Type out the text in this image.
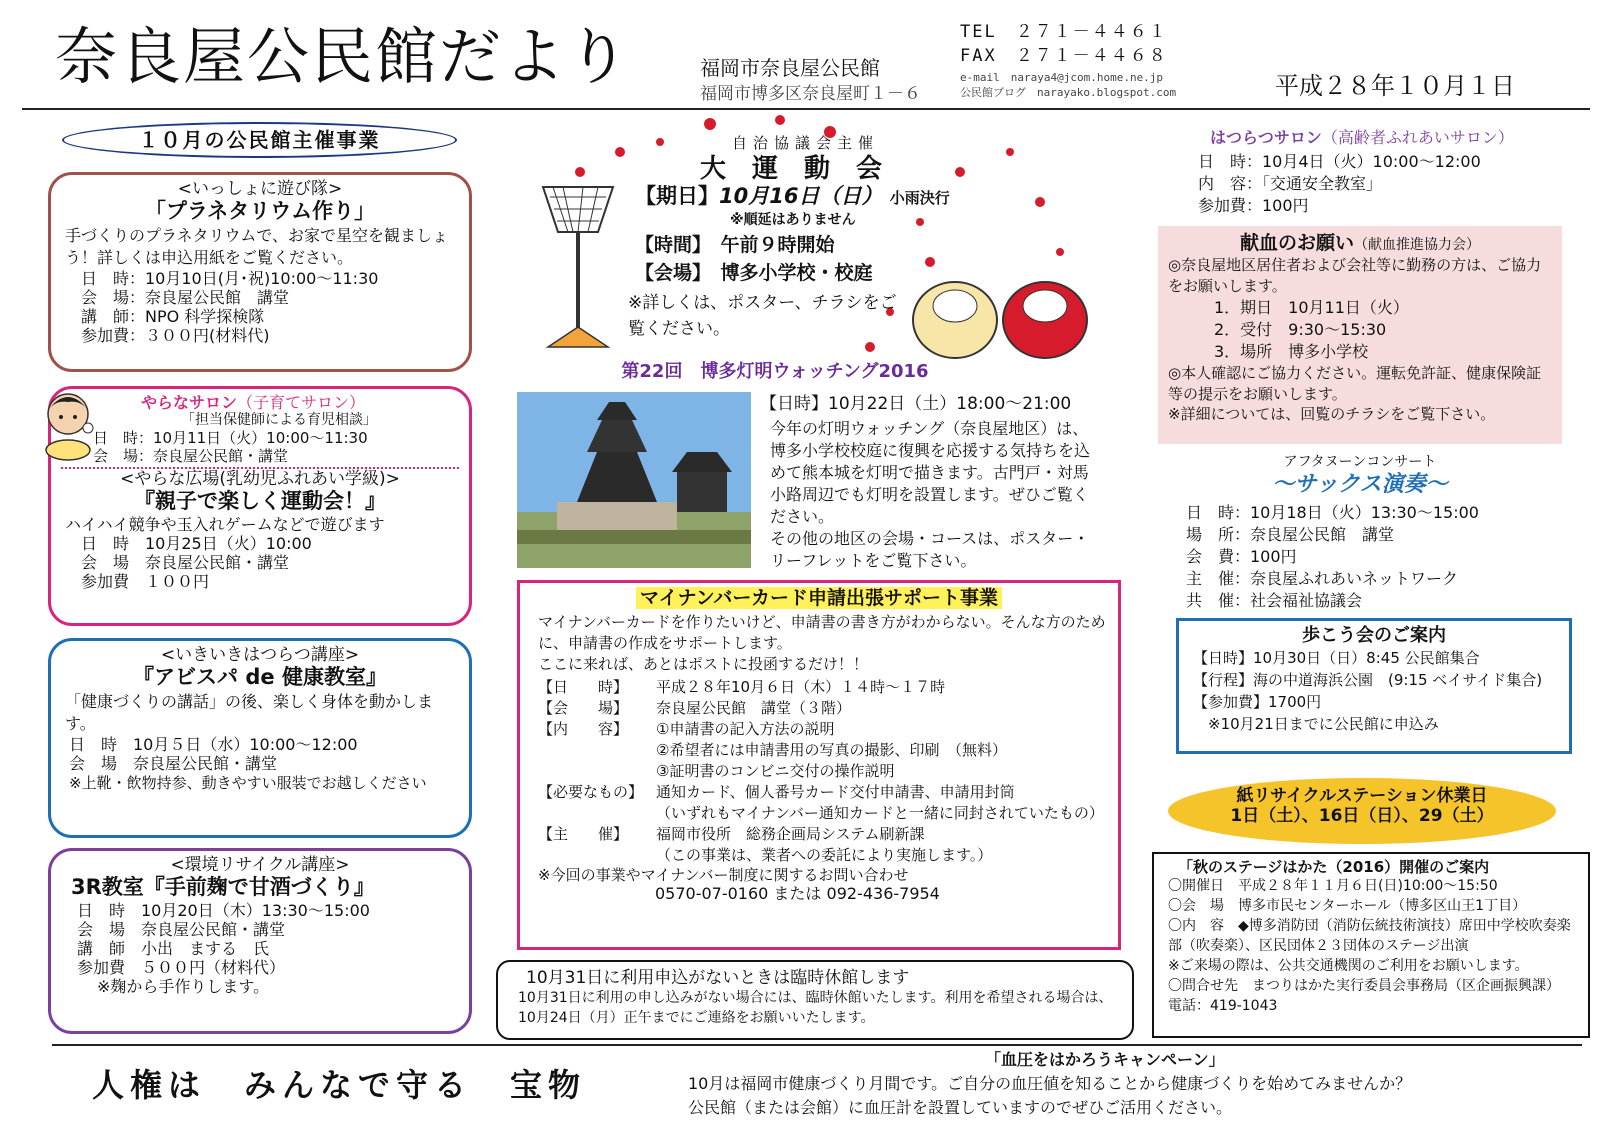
奈良屋公民館だより	福岡市奈良屋公民館
福岡市博多区奈良屋町１－６
TEL　２７１－４４６１
FAX　２７１－４４６８
e-mail　naraya4@jcom.home.ne.jp
公民館ブログ　narayako.blogspot.com	平成２８年１０月１日
１０月の公民館主催事業
<いっしょに遊び隊>
「プラネタリウム作り」
手づくりのプラネタリウムで、お家で星空を観ましょう！詳しくは申込用紙をご覧ください。
日　時：10月10日(月･祝)10:00～11:30
会　場：奈良屋公民館　講堂
講　師：NPO 科学探検隊
参加費：３００円(材料代)
やらなサロン（子育てサロン）
「担当保健師による育児相談」
日　時：10月11日（火）10:00～11:30
会　場：奈良屋公民館・講堂
<やらな広場(乳幼児ふれあい学級)>
『親子で楽しく運動会！』
ハイハイ競争や玉入れゲームなどで遊びます
日　時　10月25日（火）10:00
会　場　奈良屋公民館・講堂
参加費　１００円
<いきいきはつらつ講座>
『アビスパ de 健康教室』
「健康づくりの講話」の後、楽しく身体を動かします。
日　時　10月５日（水）10:00～12:00
会　場　奈良屋公民館・講堂
※上靴・飲物持参、動きやすい服装でお越しください
<環境リサイクル講座>
3R教室『手前麹で甘酒づくり』
日　時　10月20日（木）13:30～15:00
会　場　奈良屋公民館・講堂
講　師　小出　まする　氏
参加費　５００円（材料代）
※麹から手作りします。
自治協議会主催
大　運　動　会
【期日】10月16日（日） 小雨決行
※順延はありません
【時間】　 午前９時開始
【会場】　 博多小学校・校庭
※詳しくは、ポスター、チラシをご覧ください。
第22回　博多灯明ウォッチング2016
【日時】10月22日（土）18:00～21:00
今年の灯明ウォッチング（奈良屋地区）は、博多小学校校庭に復興を応援する気持ちを込めて熊本城を灯明で描きます。古門戸・対馬小路周辺でも灯明を設置します。ぜひご覧ください。
その他の地区の会場・コースは、ポスター・リーフレットをご覧下さい。
マイナンバーカード申請出張サポート事業
マイナンバーカードを作りたいけど、申請書の書き方がわからない。そんな方のために、申請書の作成をサポートします。
ここに来れば、あとはポストに投函するだけ！！
【日　　時】	平成２８年10月６日（木）１４時～１７時
【会　　場】	奈良屋公民館　講堂（３階）
【内　　容】	①申請書の記入方法の説明
②希望者には申請書用の写真の撮影、印刷　（無料）
③証明書のコンビニ交付の操作説明
【必要なもの】 通知カード、個人番号カード交付申請書、申請用封筒
（いずれもマイナンバー通知カードと一緒に同封されていたもの）
【主　　催】	福岡市役所　総務企画局システム刷新課
（この事業は、業者への委託により実施します。）
※今回の事業やマイナンバー制度に関するお問い合わせ
0570-07-0160 または 092-436-7954
10月31日に利用申込がないときは臨時休館します
10月31日に利用の申し込みがない場合には、臨時休館いたします。利用を希望される場合は、10月24日（月）正午までにご連絡をお願いいたします。
はつらつサロン（高齢者ふれあいサロン）
日　時：10月4日（火）10:00～12:00
内　容：「交通安全教室」
参加費：100円
献血のお願い（献血推進協力会）
◎奈良屋地区居住者および会社等に勤務の方は、ご協力をお願いします。
1．期日　10月11日（火）
2．受付　9:30～15:30
3．場所　博多小学校
◎本人確認にご協力ください。運転免許証、健康保険証等の提示をお願いします。
※詳細については、回覧のチラシをご覧下さい。
アフタヌーンコンサート
～サックス演奏～
日　時：10月18日（火）13:30～15:00
場　所：奈良屋公民館　講堂
会　費：100円
主　催：奈良屋ふれあいネットワーク
共　催：社会福祉協議会
歩こう会のご案内
【日時】10月30日（日）8:45 公民館集合
【行程】海の中道海浜公園　(9:15 ベイサイド集合)
【参加費】1700円
　※10月21日までに公民館に申込み
紙リサイクルステーション休業日
1日（土）、16日（日）、29（土）
「秋のステージはかた（2016）開催のご案内
〇開催日　平成２８年１１月６日(日)10:00～15:50
〇会　場　博多市民センターホール（博多区山王1丁目）
〇内　容　◆博多消防団（消防伝統技術演技）席田中学校吹奏楽部（吹奏楽）、区民団体２３団体のステージ出演
※ご来場の際は、公共交通機関のご利用をお願いします。
〇問合せ先　まつりはかた実行委員会事務局（区企画振興課）
電話：419-1043
人権は　みんなで守る　宝物
「血圧をはかろうキャンペーン」
10月は福岡市健康づくり月間です。ご自分の血圧値を知ることから健康づくりを始めてみませんか？
公民館（または会館）に血圧計を設置していますのでぜひご活用ください。
